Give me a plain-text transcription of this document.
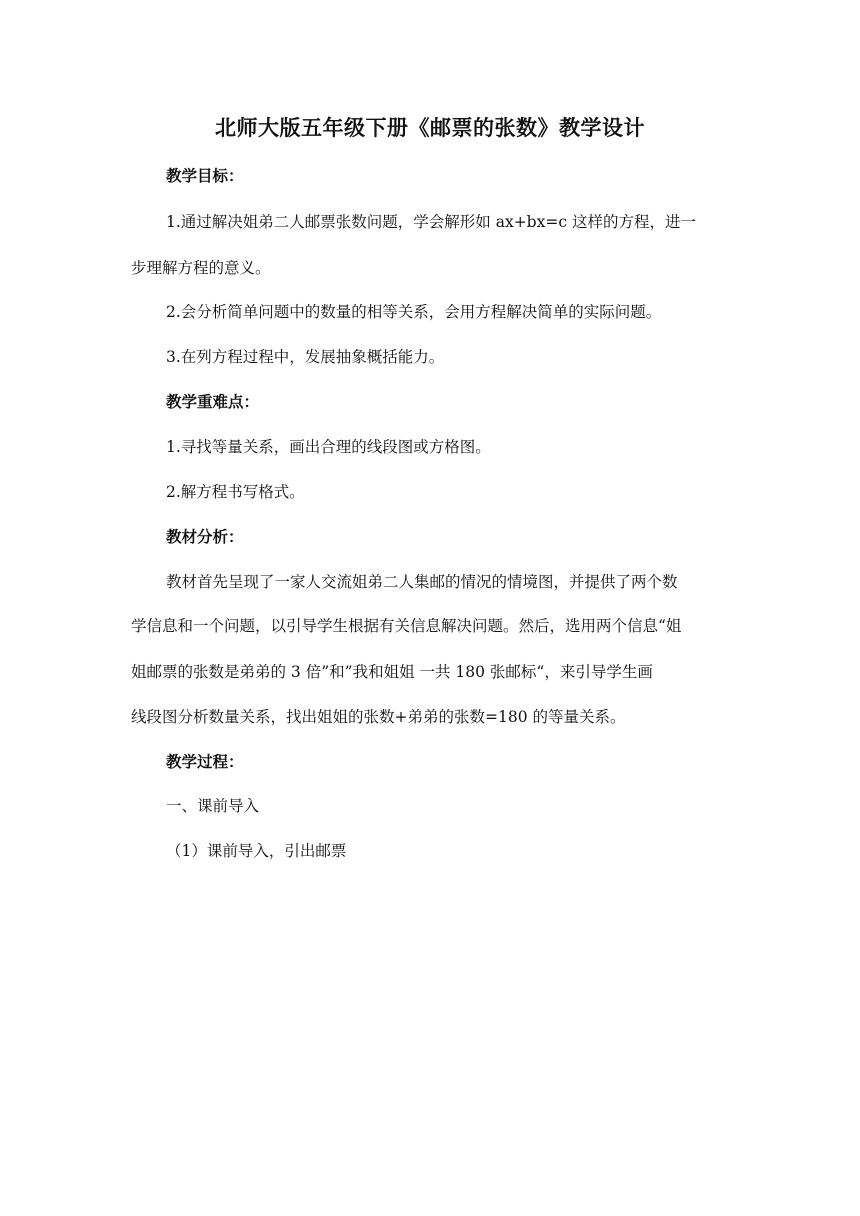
北师大版五年级下册《邮票的张数》教学设计

教学目标：

1.通过解决姐弟二人邮票张数问题，学会解形如 ax+bx=c 这样的方程，进一

步理解方程的意义。

2.会分析简单问题中的数量的相等关系，会用方程解决简单的实际问题。

3.在列方程过程中，发展抽象概括能力。

教学重难点：

1.寻找等量关系，画出合理的线段图或方格图。

2.解方程书写格式。

教材分析：

教材首先呈现了一家人交流姐弟二人集邮的情况的情境图，并提供了两个数

学信息和一个问题，以引导学生根据有关信息解决问题。然后，选用两个信息“姐

姐邮票的张数是弟弟的 3 倍”和”我和姐姐 一共 180 张邮标“，来引导学生画

线段图分析数量关系，找出姐姐的张数+弟弟的张数=180 的等量关系。

教学过程：

一、课前导入

（1）课前导入，引出邮票
